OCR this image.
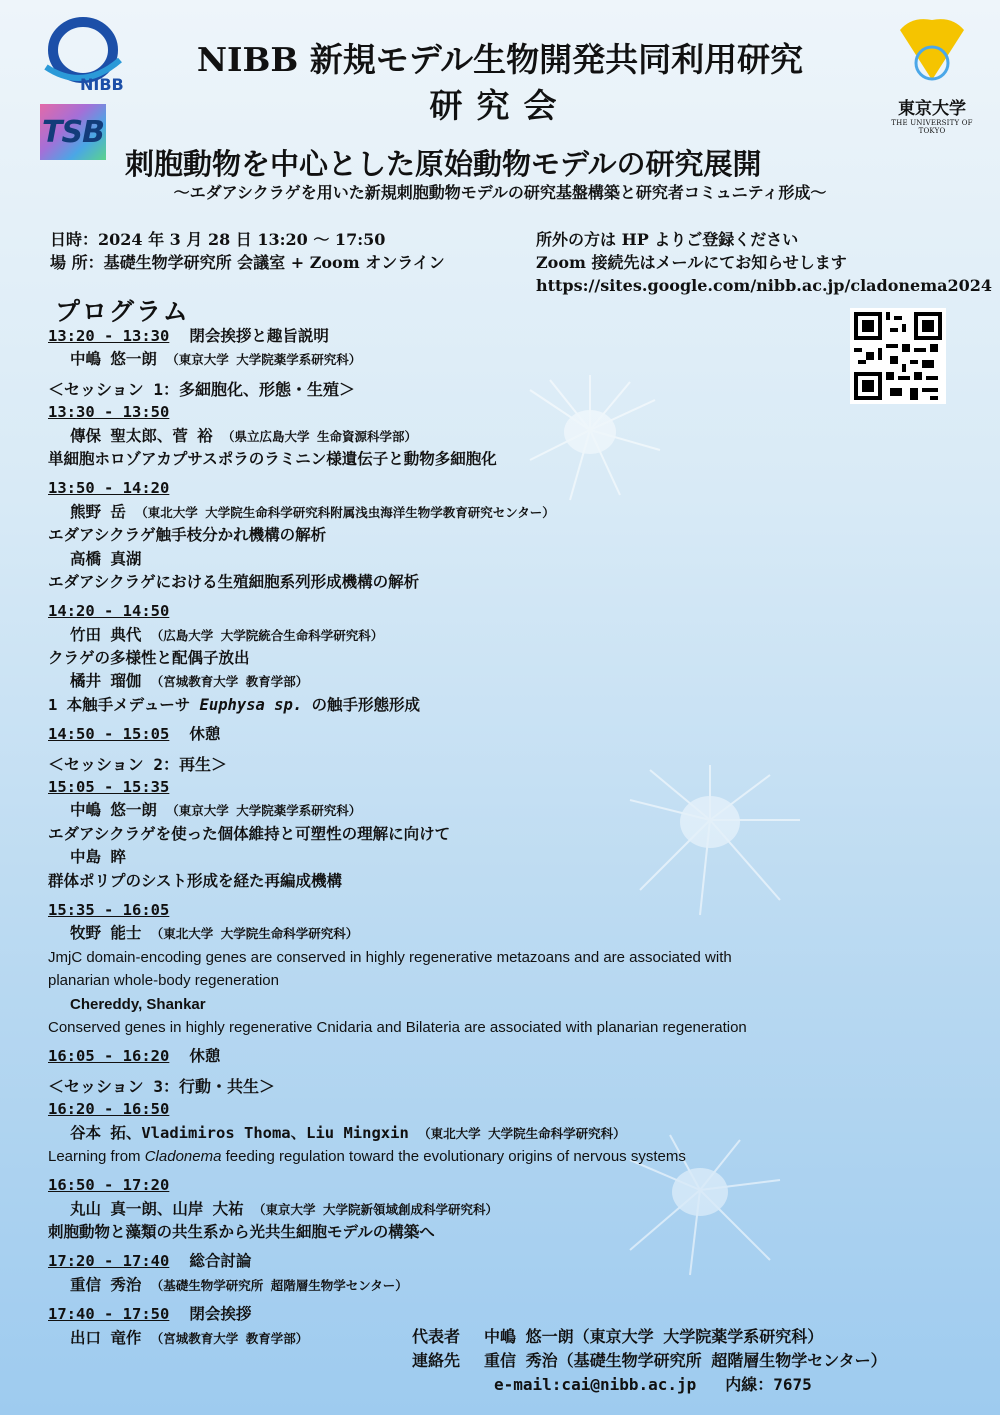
NIBB
TSB
東京大学
THE UNIVERSITY OF TOKYO
NIBB 新規モデル生物開発共同利用研究
研究会
刺胞動物を中心とした原始動物モデルの研究展開
〜エダアシクラゲを用いた新規刺胞動物モデルの研究基盤構築と研究者コミュニティ形成〜
日時：2024 年 3 月 28 日 13:20 〜 17:50
場 所：基礎生物学研究所 会議室 + Zoom オンライン
所外の方は HP よりご登録ください
Zoom 接続先はメールにてお知らせします
https://sites.google.com/nibb.ac.jp/cladonema2024
プログラム
13:20 - 13:30 閉会挨拶と趣旨説明
中嶋 悠一朗 （東京大学 大学院薬学系研究科）
＜セッション 1：多細胞化、形態・生殖＞
13:30 - 13:50
傳保 聖太郎、菅 裕 （県立広島大学 生命資源科学部）
単細胞ホロゾアカプサスポラのラミニン様遺伝子と動物多細胞化
13:50 - 14:20
熊野 岳 （東北大学 大学院生命科学研究科附属浅虫海洋生物学教育研究センター）
エダアシクラゲ触手枝分かれ機構の解析
高橋 真湖
エダアシクラゲにおける生殖細胞系列形成機構の解析
14:20 - 14:50
竹田 典代 （広島大学 大学院統合生命科学研究科）
クラゲの多様性と配偶子放出
橘井 瑠伽 （宮城教育大学 教育学部）
1 本触手メデューサ Euphysa sp. の触手形態形成
14:50 - 15:05 休憩
＜セッション 2：再生＞
15:05 - 15:35
中嶋 悠一朗 （東京大学 大学院薬学系研究科）
エダアシクラゲを使った個体維持と可塑性の理解に向けて
中島 睟
群体ポリプのシスト形成を経た再編成機構
15:35 - 16:05
牧野 能士 （東北大学 大学院生命科学研究科）
JmjC domain-encoding genes are conserved in highly regenerative metazoans and are associated with
planarian whole-body regeneration
Chereddy, Shankar
Conserved genes in highly regenerative Cnidaria and Bilateria are associated with planarian regeneration
16:05 - 16:20 休憩
＜セッション 3：行動・共生＞
16:20 - 16:50
谷本 拓、Vladimiros Thoma、Liu Mingxin （東北大学 大学院生命科学研究科）
Learning from Cladonema feeding regulation toward the evolutionary origins of nervous systems
16:50 - 17:20
丸山 真一朗、山岸 大祐 （東京大学 大学院新領域創成科学研究科）
刺胞動物と藻類の共生系から光共生細胞モデルの構築へ
17:20 - 17:40 総合討論
重信 秀治 （基礎生物学研究所 超階層生物学センター）
17:40 - 17:50 閉会挨拶
出口 竜作 （宮城教育大学 教育学部）	代表者 中嶋 悠一朗（東京大学 大学院薬学系研究科）
連絡先 重信 秀治（基礎生物学研究所 超階層生物学センター）
e-mail:cai@nibb.ac.jp 内線：7675
